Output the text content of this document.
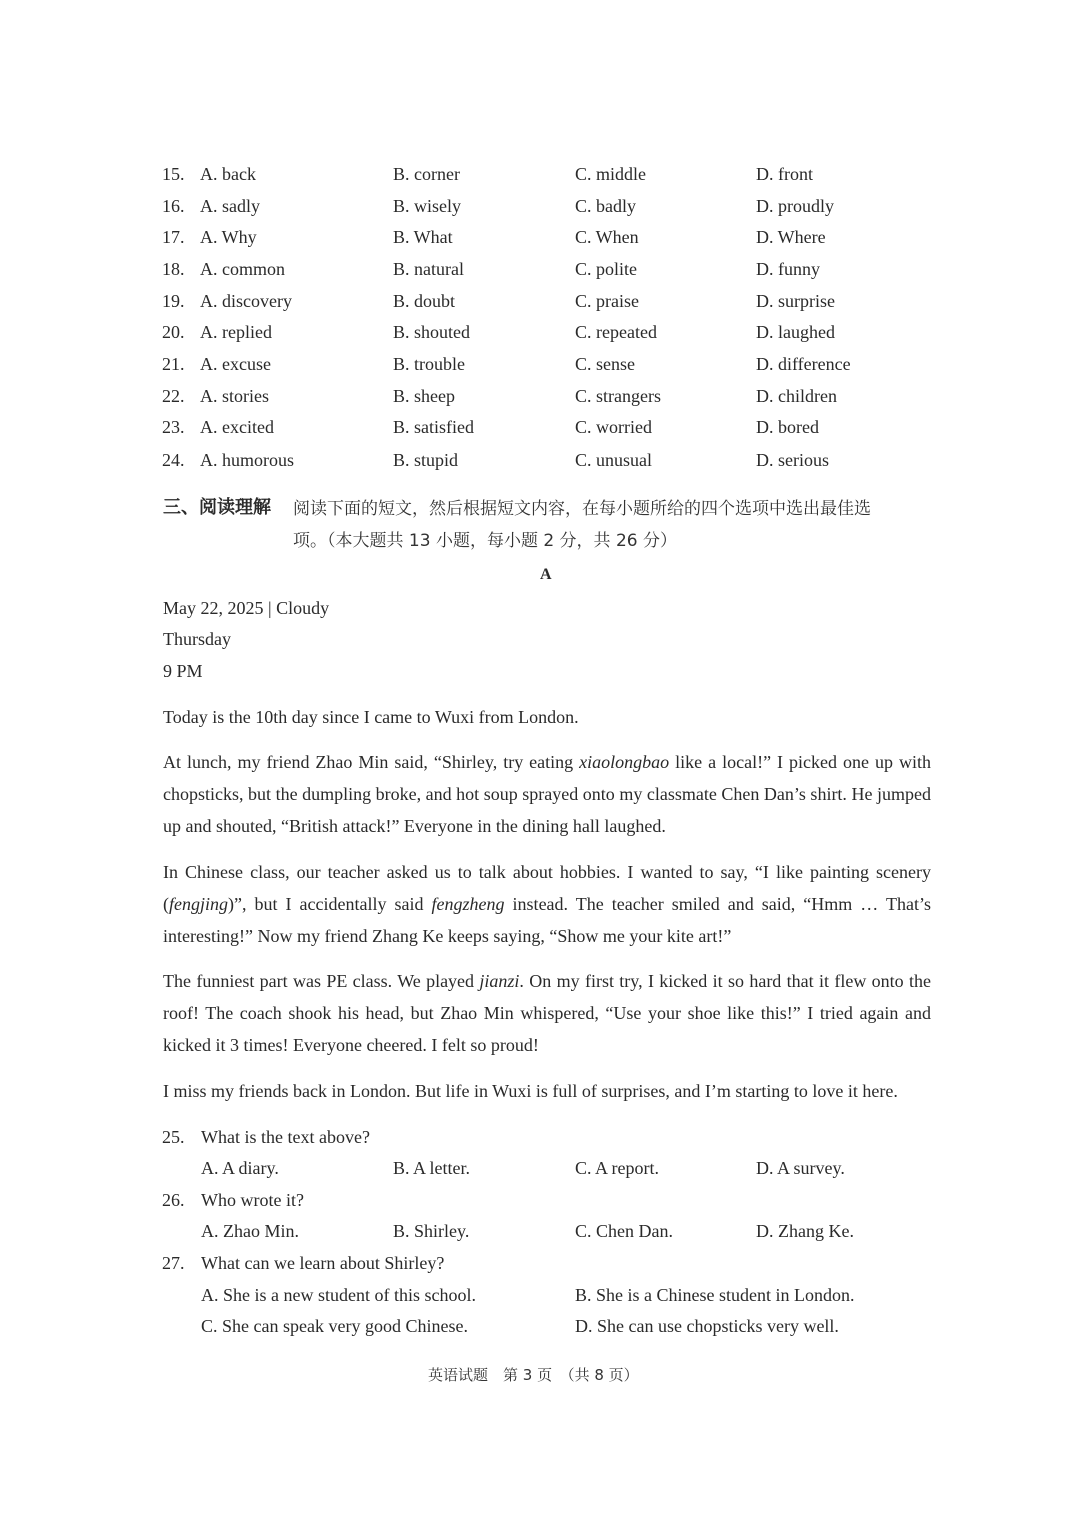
15. A. back	B. corner	C. middle	D. front
16. A. sadly	B. wisely	C. badly	D. proudly
17. A. Why	B. What	C. When	D. Where
18. A. common	B. natural	C. polite	D. funny
19. A. discovery	B. doubt	C. praise	D. surprise
20. A. replied	B. shouted	C. repeated	D. laughed
21. A. excuse	B. trouble	C. sense	D. difference
22. A. stories	B. sheep	C. strangers	D. children
23. A. excited	B. satisfied	C. worried	D. bored
24. A. humorous	B. stupid	C. unusual	D. serious
三、阅读理解 阅读下面的短文，然后根据短文内容，在每小题所给的四个选项中选出最佳选
项。（本大题共 13 小题，每小题 2 分，共 26 分）
A
May 22, 2025 | Cloudy
Thursday
9 PM
Today is the 10th day since I came to Wuxi from London.
At lunch, my friend Zhao Min said, “Shirley, try eating xiaolongbao like a local!” I picked one up with chopsticks, but the dumpling broke, and hot soup sprayed onto my classmate Chen Dan’s shirt. He jumped up and shouted, “British attack!” Everyone in the dining hall laughed.
In Chinese class, our teacher asked us to talk about hobbies. I wanted to say, “I like painting scenery (fengjing)”, but I accidentally said fengzheng instead. The teacher smiled and said, “Hmm … That’s interesting!” Now my friend Zhang Ke keeps saying, “Show me your kite art!”
The funniest part was PE class. We played jianzi. On my first try, I kicked it so hard that it flew onto the roof! The coach shook his head, but Zhao Min whispered, “Use your shoe like this!” I tried again and kicked it 3 times! Everyone cheered. I felt so proud!
I miss my friends back in London. But life in Wuxi is full of surprises, and I’m starting to love it here.
25. What is the text above?
A. A diary.	B. A letter.	C. A report.	D. A survey.
26. Who wrote it?
A. Zhao Min.	B. Shirley.	C. Chen Dan.	D. Zhang Ke.
27. What can we learn about Shirley?
A. She is a new student of this school.	B. She is a Chinese student in London.
C. She can speak very good Chinese.	D. She can use chopsticks very well.
英语试题　第 3 页　（共 8 页）
